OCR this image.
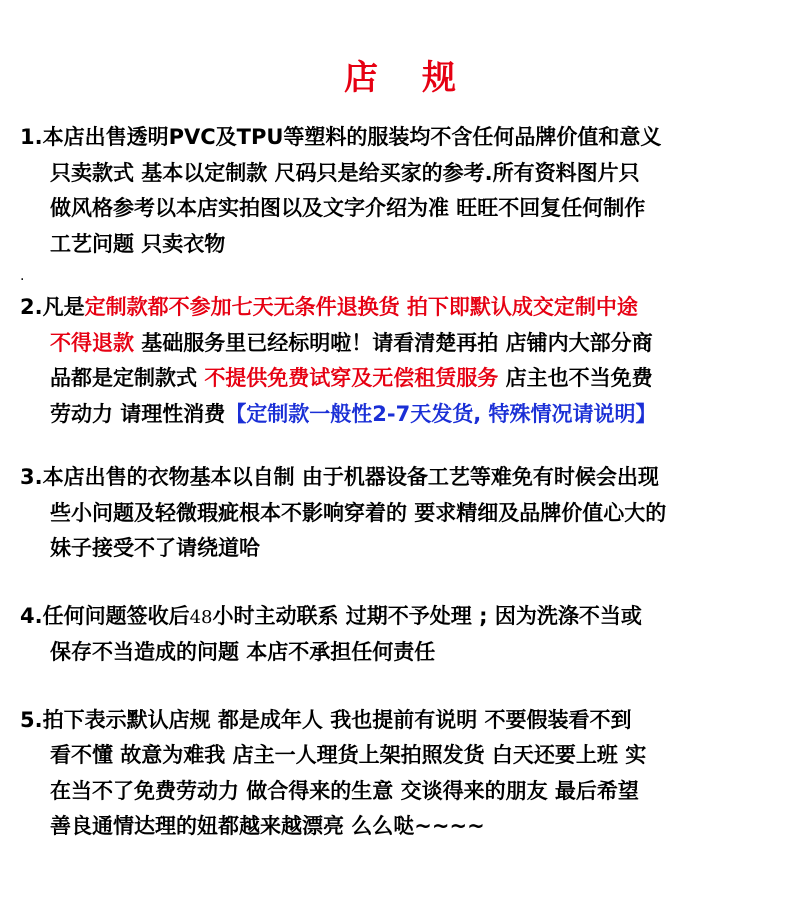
店 规
1.本店出售透明PVC及TPU等塑料的服装均不含任何品牌价值和意义
只卖款式 基本以定制款 尺码只是给买家的参考.所有资料图片只
做风格参考以本店实拍图以及文字介绍为准 旺旺不回复任何制作
工艺问题 只卖衣物
.
2.凡是定制款都不参加七天无条件退换货 拍下即默认成交定制中途
不得退款 基础服务里已经标明啦！请看清楚再拍 店铺内大部分商
品都是定制款式 不提供免费试穿及无偿租赁服务 店主也不当免费
劳动力 请理性消费【定制款一般性2-7天发货, 特殊情况请说明】
3.本店出售的衣物基本以自制 由于机器设备工艺等难免有时候会出现
些小问题及轻微瑕疵根本不影响穿着的 要求精细及品牌价值心大的
妹子接受不了请绕道哈
4.任何问题签收后48小时主动联系 过期不予处理 ; 因为洗涤不当或
保存不当造成的问题 本店不承担任何责任
5.拍下表示默认店规 都是成年人 我也提前有说明 不要假装看不到
看不懂 故意为难我 店主一人理货上架拍照发货 白天还要上班 实
在当不了免费劳动力 做合得来的生意 交谈得来的朋友 最后希望
善良通情达理的妞都越来越漂亮 么么哒~~~~
